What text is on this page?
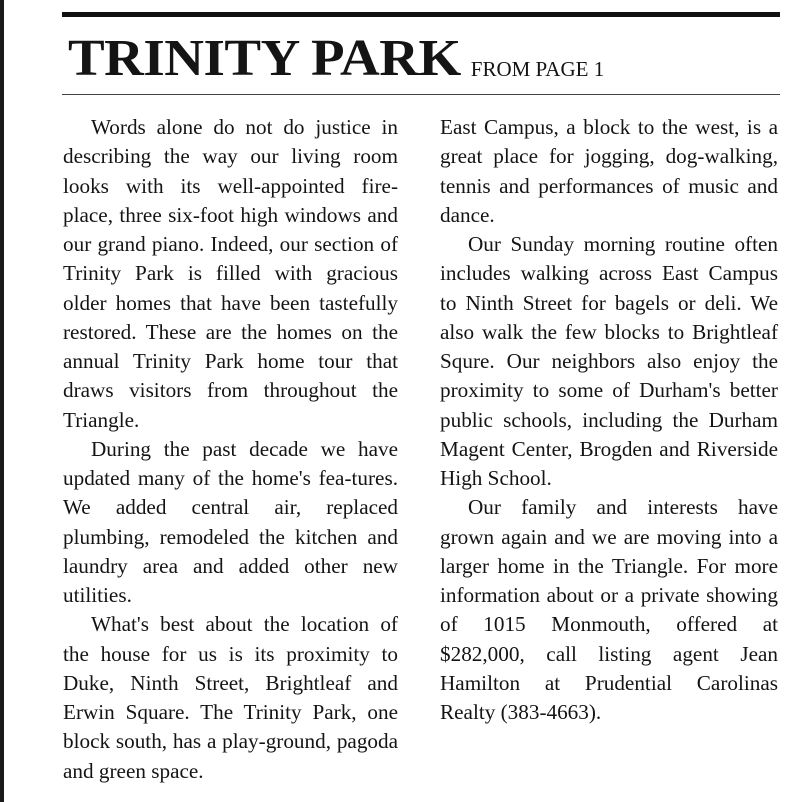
TRINITY PARK FROM PAGE 1

Words alone do not do justice in describing the way our living room looks with its well-appointed fire-place, three six-foot high windows and our grand piano. Indeed, our section of Trinity Park is filled with gracious older homes that have been tastefully restored. These are the homes on the annual Trinity Park home tour that draws visitors from throughout the Triangle.

During the past decade we have updated many of the home's fea-tures. We added central air, replaced plumbing, remodeled the kitchen and laundry area and added other new utilities.

What's best about the location of the house for us is its proximity to Duke, Ninth Street, Brightleaf and Erwin Square. The Trinity Park, one block south, has a play-ground, pagoda and green space.

East Campus, a block to the west, is a great place for jogging, dog-walking, tennis and performances of music and dance.

Our Sunday morning routine often includes walking across East Campus to Ninth Street for bagels or deli. We also walk the few blocks to Brightleaf Squre. Our neighbors also enjoy the proximity to some of Durham's better public schools, including the Durham Magent Center, Brogden and Riverside High School.

Our family and interests have grown again and we are moving into a larger home in the Triangle. For more information about or a private showing of 1015 Monmouth, offered at $282,000, call listing agent Jean Hamilton at Prudential Carolinas Realty (383-4663).
